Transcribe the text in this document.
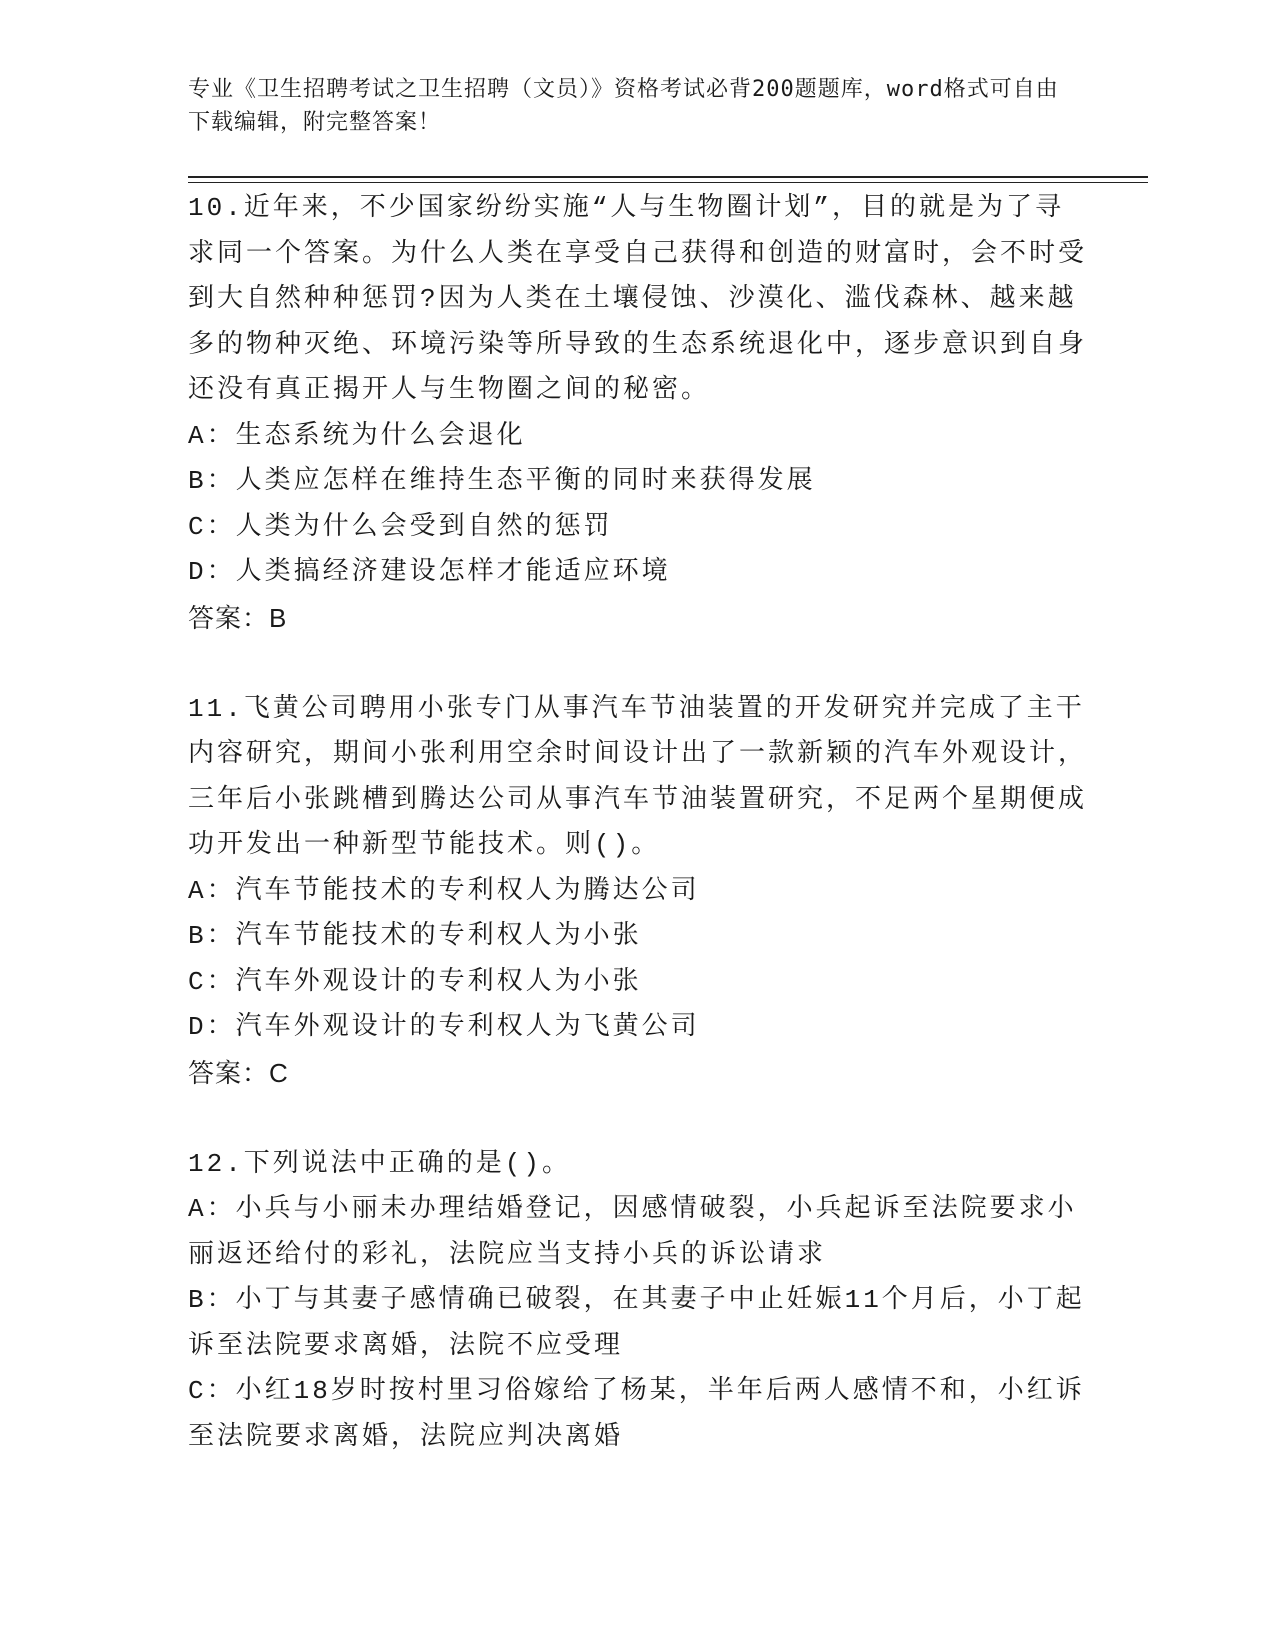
专业《卫生招聘考试之卫生招聘（文员）》资格考试必背200题题库，word格式可自由下载编辑，附完整答案！
10.近年来，不少国家纷纷实施“人与生物圈计划”，目的就是为了寻求同一个答案。为什么人类在享受自己获得和创造的财富时，会不时受到大自然种种惩罚?因为人类在土壤侵蚀、沙漠化、滥伐森林、越来越多的物种灭绝、环境污染等所导致的生态系统退化中，逐步意识到自身还没有真正揭开人与生物圈之间的秘密。
A：生态系统为什么会退化
B：人类应怎样在维持生态平衡的同时来获得发展
C：人类为什么会受到自然的惩罚
D：人类搞经济建设怎样才能适应环境
答案：B
11.飞黄公司聘用小张专门从事汽车节油装置的开发研究并完成了主干内容研究，期间小张利用空余时间设计出了一款新颖的汽车外观设计，三年后小张跳槽到腾达公司从事汽车节油装置研究，不足两个星期便成功开发出一种新型节能技术。则()。
A：汽车节能技术的专利权人为腾达公司
B：汽车节能技术的专利权人为小张
C：汽车外观设计的专利权人为小张
D：汽车外观设计的专利权人为飞黄公司
答案：C
12.下列说法中正确的是()。
A：小兵与小丽未办理结婚登记，因感情破裂，小兵起诉至法院要求小丽返还给付的彩礼，法院应当支持小兵的诉讼请求
B：小丁与其妻子感情确已破裂，在其妻子中止妊娠11个月后，小丁起诉至法院要求离婚，法院不应受理
C：小红18岁时按村里习俗嫁给了杨某，半年后两人感情不和，小红诉至法院要求离婚，法院应判决离婚
